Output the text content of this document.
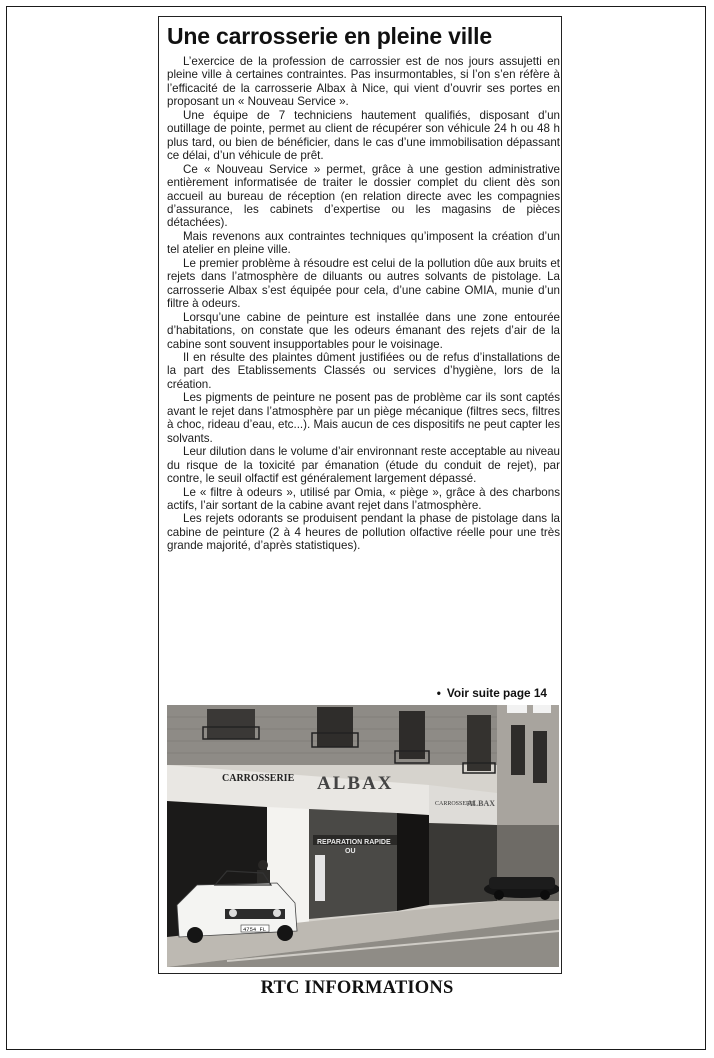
Une carrosserie en pleine ville

L’exercice de la profession de carrossier est de nos jours assujetti en pleine ville à certaines contraintes. Pas insurmontables, si l’on s’en réfère à l’efficacité de la carrosserie Albax à Nice, qui vient d’ouvrir ses portes en proposant un « Nouveau Service ».

Une équipe de 7 techniciens hautement qualifiés, disposant d’un outillage de pointe, permet au client de récupérer son véhicule 24 h ou 48 h plus tard, ou bien de bénéficier, dans le cas d’une immobilisation dépassant ce délai, d’un véhicule de prêt.

Ce « Nouveau Service » permet, grâce à une gestion administrative entièrement informatisée de traiter le dossier complet du client dès son accueil au bureau de réception (en relation directe avec les compagnies d’assurance, les cabinets d’expertise ou les magasins de pièces détachées).

Mais revenons aux contraintes techniques qu’imposent la création d’un tel atelier en pleine ville.

Le premier problème à résoudre est celui de la pollution dûe aux bruits et rejets dans l’atmosphère de diluants ou autres solvants de pistolage. La carrosserie Albax s’est équipée pour cela, d’une cabine OMIA, munie d’un filtre à odeurs.

Lorsqu’une cabine de peinture est installée dans une zone entourée d’habitations, on constate que les odeurs émanant des rejets d’air de la cabine sont souvent insupportables pour le voisinage.

Il en résulte des plaintes dûment justifiées ou de refus d’installations de la part des Etablissements Classés ou services d’hygiène, lors de la création.

Les pigments de peinture ne posent pas de problème car ils sont captés avant le rejet dans l’atmosphère par un piège mécanique (filtres secs, filtres à choc, rideau d’eau, etc...). Mais aucun de ces dispositifs ne peut capter les solvants.

Leur dilution dans le volume d’air environnant reste acceptable au niveau du risque de la toxicité par émanation (étude du conduit de rejet), par contre, le seuil olfactif est généralement largement dépassé.

Le « filtre à odeurs », utilisé par Omia, « piège », grâce à des charbons actifs, l’air sortant de la cabine avant rejet dans l’atmosphère.

Les rejets odorants se produisent pendant la phase de pistolage dans la cabine de peinture (2 à 4 heures de pollution olfactive réelle pour une très grande majorité, d’après statistiques).

• Voir suite page 14
CARROSSERIE ALBAX
REPARATION RAPIDE
OU
CARROSSERIE
ALBAX
4754 FL
RTC INFORMATIONS
